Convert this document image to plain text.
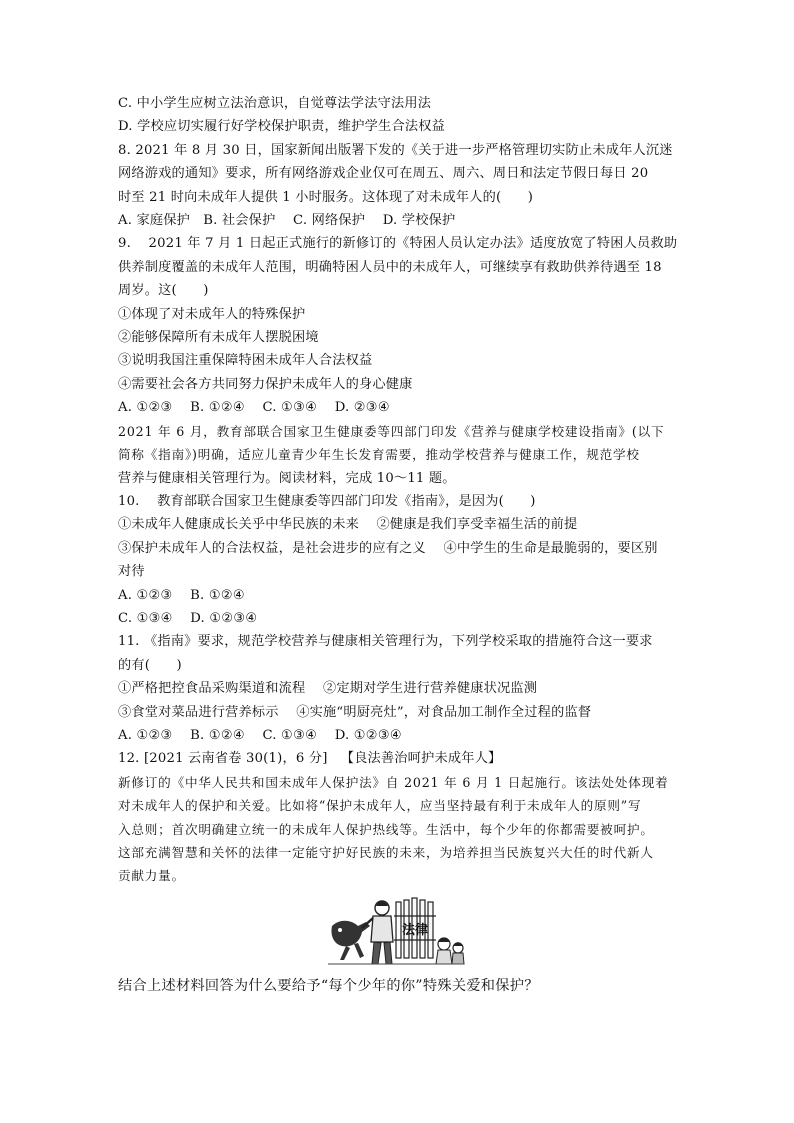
C. 中小学生应树立法治意识，自觉尊法学法守法用法
D. 学校应切实履行好学校保护职责，维护学生合法权益
8. 2021 年 8 月 30 日，国家新闻出版署下发的《关于进一步严格管理切实防止未成年人沉迷
网络游戏的通知》要求，所有网络游戏企业仅可在周五、周六、周日和法定节假日每日 20
时至 21 时向未成年人提供 1 小时服务。这体现了对未成年人的(      )
A. 家庭保护   B. 社会保护    C. 网络保护    D. 学校保护
9.    2021 年 7 月 1 日起正式施行的新修订的《特困人员认定办法》适度放宽了特困人员救助
供养制度覆盖的未成年人范围，明确特困人员中的未成年人，可继续享有救助供养待遇至 18
周岁。这(      )
①体现了对未成年人的特殊保护
②能够保障所有未成年人摆脱困境
③说明我国注重保障特困未成年人合法权益
④需要社会各方共同努力保护未成年人的身心健康
A. ①②③    B. ①②④    C. ①③④    D. ②③④
2021 年 6 月，教育部联合国家卫生健康委等四部门印发《营养与健康学校建设指南》(以下
简称《指南》)明确，适应儿童青少年生长发育需要，推动学校营养与健康工作，规范学校
营养与健康相关管理行为。阅读材料，完成 10～11 题。
10.    教育部联合国家卫生健康委等四部门印发《指南》，是因为(      )
①未成年人健康成长关乎中华民族的未来    ②健康是我们享受幸福生活的前提
③保护未成年人的合法权益，是社会进步的应有之义    ④中学生的生命是最脆弱的，要区别
对待
A. ①②③    B. ①②④
C. ①③④    D. ①②③④
11. 《指南》要求，规范学校营养与健康相关管理行为，下列学校采取的措施符合这一要求
的有(      )
①严格把控食品采购渠道和流程    ②定期对学生进行营养健康状况监测
③食堂对菜品进行营养标示    ④实施“明厨亮灶”，对食品加工制作全过程的监督
A. ①②③    B. ①②④    C. ①③④    D. ①②③④
12. [2021 云南省卷 30(1)，6 分]   【良法善治呵护未成年人】
新修订的《中华人民共和国未成年人保护法》自 2021 年 6 月 1 日起施行。该法处处体现着
对未成年人的保护和关爱。比如将“保护未成年人，应当坚持最有利于未成年人的原则”写
入总则；首次明确建立统一的未成年人保护热线等。生活中，每个少年的你都需要被呵护。
这部充满智慧和关怀的法律一定能守护好民族的未来，为培养担当民族复兴大任的时代新人
贡献力量。
法律
结合上述材料回答为什么要给予“每个少年的你”特殊关爱和保护？
